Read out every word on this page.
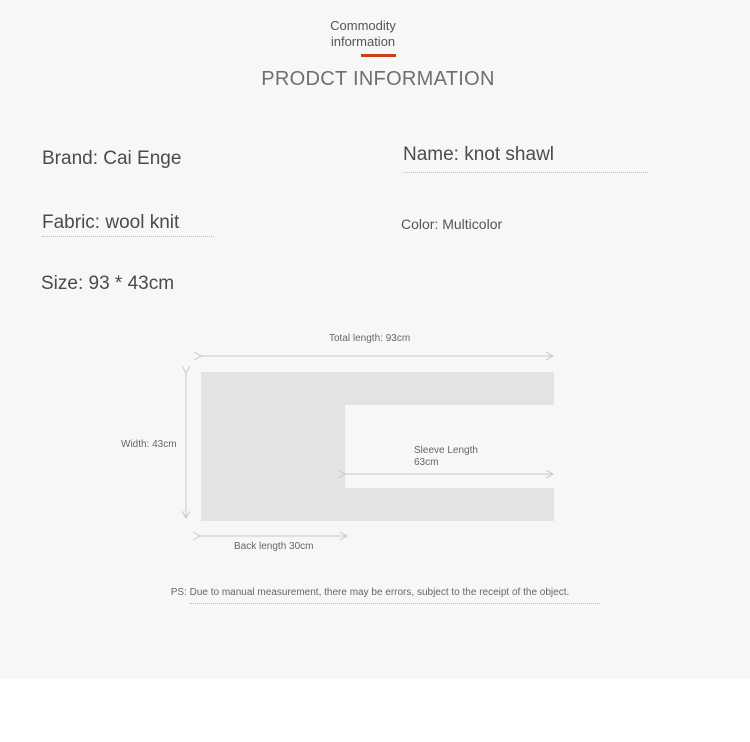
Commodity

information

PRODCT INFORMATION

Brand: Cai Enge	Name: knot shawl

Fabric: wool knit	Color: Multicolor

Size: 93 * 43cm

Total length: 93cm

Width: 43cm

Sleeve Length

63cm

Back length 30cm

PS: Due to manual measurement, there may be errors, subject to the receipt of the object.
